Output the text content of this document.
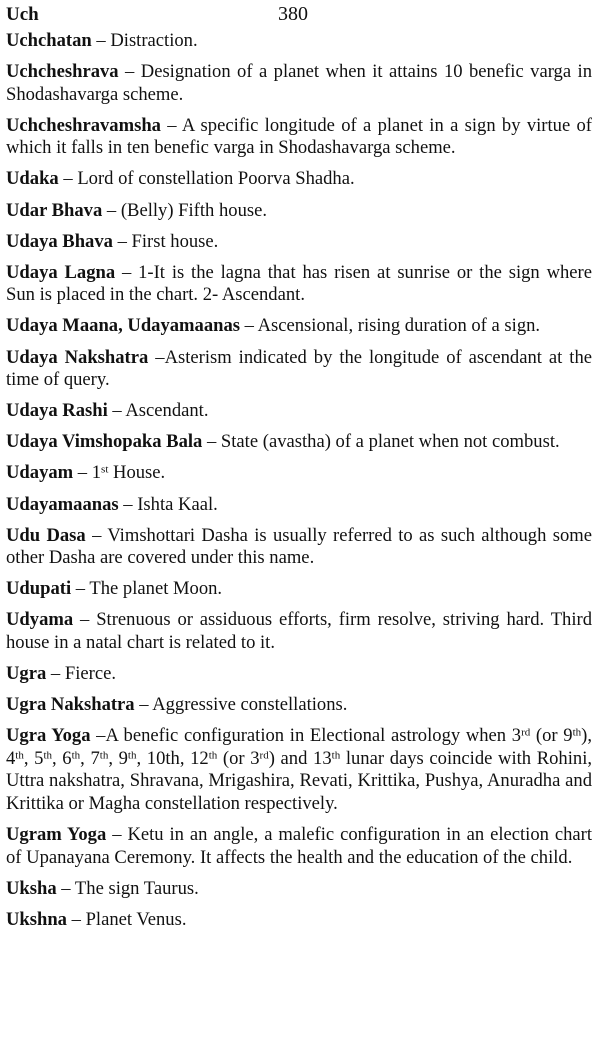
Uch	380

Uchchatan – Distraction.

Uchcheshrava – Designation of a planet when it attains 10 benefic varga in Shodashavarga scheme.

Uchcheshravamsha – A specific longitude of a planet in a sign by virtue of which it falls in ten benefic varga in Shodashavarga scheme.

Udaka – Lord of constellation Poorva Shadha.

Udar Bhava – (Belly) Fifth house.

Udaya Bhava – First house.

Udaya Lagna – 1-It is the lagna that has risen at sunrise or the sign where Sun is placed in the chart. 2- Ascendant.

Udaya Maana, Udayamaanas – Ascensional, rising duration of a sign.

Udaya Nakshatra –Asterism indicated by the longitude of ascendant at the time of query.

Udaya Rashi – Ascendant.

Udaya Vimshopaka Bala – State (avastha) of a planet when not combust.

Udayam – 1st House.

Udayamaanas – Ishta Kaal.

Udu Dasa – Vimshottari Dasha is usually referred to as such although some other Dasha are covered under this name.

Udupati – The planet Moon.

Udyama – Strenuous or assiduous efforts, firm resolve, striving hard. Third house in a natal chart is related to it.

Ugra – Fierce.

Ugra Nakshatra – Aggressive constellations.

Ugra Yoga –A benefic configuration in Electional astrology when 3rd (or 9th), 4th, 5th, 6th, 7th, 9th, 10th, 12th (or 3rd) and 13th lunar days coincide with Rohini, Uttra nakshatra, Shravana, Mrigashira, Revati, Krittika, Pushya, Anuradha and Krittika or Magha constellation respectively.

Ugram Yoga – Ketu in an angle, a malefic configuration in an election chart of Upanayana Ceremony. It affects the health and the education of the child.

Uksha – The sign Taurus.

Ukshna – Planet Venus.
